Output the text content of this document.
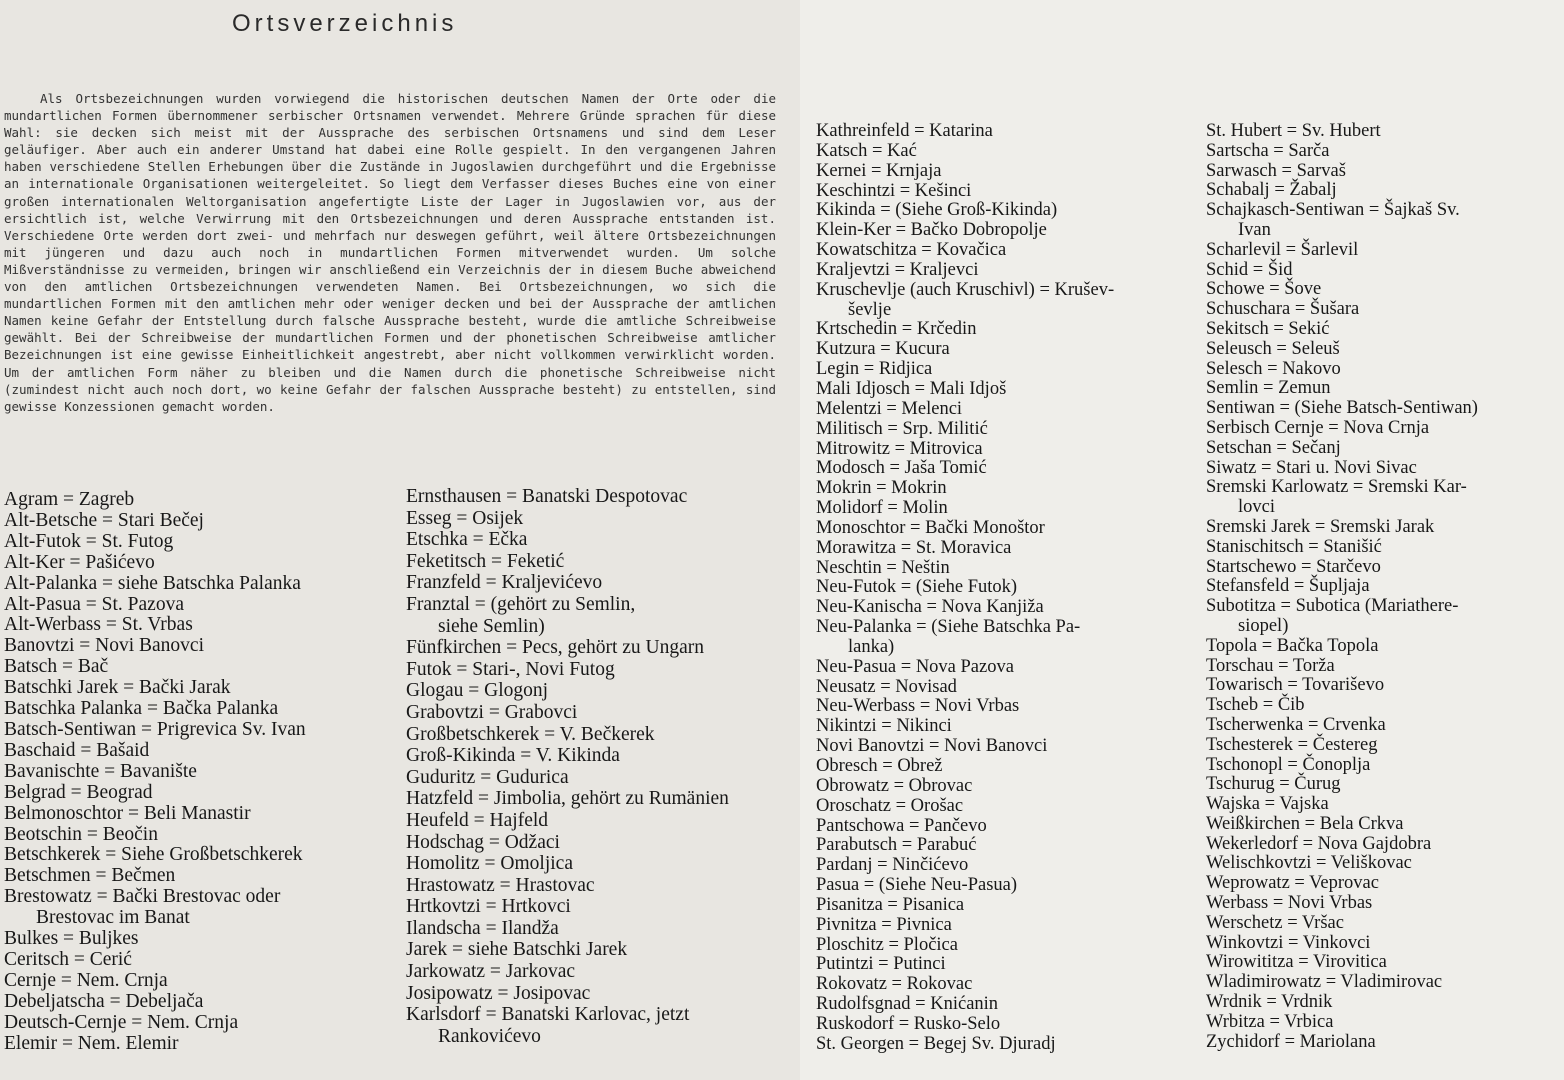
Ortsverzeichnis

Als Ortsbezeichnungen wurden vorwiegend die historischen deutschen Namen der Orte oder die mundartlichen Formen übernommener serbischer Ortsnamen verwendet. Mehrere Gründe sprachen für diese Wahl: sie decken sich meist mit der Aussprache des serbischen Ortsnamens und sind dem Leser geläufiger. Aber auch ein anderer Umstand hat dabei eine Rolle gespielt. In den vergangenen Jahren haben verschiedene Stellen Erhebungen über die Zustände in Jugoslawien durchgeführt und die Ergebnisse an internationale Organisationen weitergeleitet. So liegt dem Verfasser dieses Buches eine von einer großen internationalen Weltorganisation angefertigte Liste der Lager in Jugoslawien vor, aus der ersichtlich ist, welche Verwirrung mit den Ortsbezeichnungen und deren Aussprache entstanden ist. Verschiedene Orte werden dort zwei- und mehrfach nur deswegen geführt, weil ältere Ortsbezeichnungen mit jüngeren und dazu auch noch in mundartlichen Formen mitverwendet wurden. Um solche Mißverständnisse zu vermeiden, bringen wir anschließend ein Verzeichnis der in diesem Buche abweichend von den amtlichen Ortsbezeichnungen verwendeten Namen. Bei Ortsbezeichnungen, wo sich die mundartlichen Formen mit den amtlichen mehr oder weniger decken und bei der Aussprache der amtlichen Namen keine Gefahr der Entstellung durch falsche Aussprache besteht, wurde die amtliche Schreibweise gewählt. Bei der Schreibweise der mundartlichen Formen und der phonetischen Schreibweise amtlicher Bezeichnungen ist eine gewisse Einheitlichkeit angestrebt, aber nicht vollkommen verwirklicht worden. Um der amtlichen Form näher zu bleiben und die Namen durch die phonetische Schreibweise nicht (zumindest nicht auch noch dort, wo keine Gefahr der falschen Aussprache besteht) zu entstellen, sind gewisse Konzessionen gemacht worden.

Agram = Zagreb
Alt-Betsche = Stari Bečej
Alt-Futok = St. Futog
Alt-Ker = Pašićevo
Alt-Palanka = siehe Batschka Palanka
Alt-Pasua = St. Pazova
Alt-Werbass = St. Vrbas
Banovtzi = Novi Banovci
Batsch = Bač
Batschki Jarek = Bački Jarak
Batschka Palanka = Bačka Palanka
Batsch-Sentiwan = Prigrevica Sv. Ivan
Baschaid = Bašaid
Bavanischte = Bavanište
Belgrad = Beograd
Belmonoschtor = Beli Manastir
Beotschin = Beočin
Betschkerek = Siehe Großbetschkerek
Betschmen = Bečmen
Brestowatz = Bački Brestovac oder
Brestovac im Banat
Bulkes = Buljkes
Ceritsch = Cerić
Cernje = Nem. Crnja
Debeljatscha = Debeljača
Deutsch-Cernje = Nem. Crnja
Elemir = Nem. Elemir
Ernsthausen = Banatski Despotovac
Esseg = Osijek
Etschka = Ečka
Feketitsch = Feketić
Franzfeld = Kraljevićevo
Franztal = (gehört zu Semlin,
siehe Semlin)
Fünfkirchen = Pecs, gehört zu Ungarn
Futok = Stari-, Novi Futog
Glogau = Glogonj
Grabovtzi = Grabovci
Großbetschkerek = V. Bečkerek
Groß-Kikinda = V. Kikinda
Guduritz = Gudurica
Hatzfeld = Jimbolia, gehört zu Rumänien
Heufeld = Hajfeld
Hodschag = Odžaci
Homolitz = Omoljica
Hrastowatz = Hrastovac
Hrtkovtzi = Hrtkovci
Ilandscha = Ilandža
Jarek = siehe Batschki Jarek
Jarkowatz = Jarkovac
Josipowatz = Josipovac
Karlsdorf = Banatski Karlovac, jetzt
Rankovićevo
Kathreinfeld = Katarina
Katsch = Kać
Kernei = Krnjaja
Keschintzi = Kešinci
Kikinda = (Siehe Groß-Kikinda)
Klein-Ker = Bačko Dobropolje
Kowatschitza = Kovačica
Kraljevtzi = Kraljevci
Kruschevlje (auch Kruschivl) = Krušev-
ševlje
Krtschedin = Krčedin
Kutzura = Kucura
Legin = Ridjica
Mali Idjosch = Mali Idjoš
Melentzi = Melenci
Militisch = Srp. Militić
Mitrowitz = Mitrovica
Modosch = Jaša Tomić
Mokrin = Mokrin
Molidorf = Molin
Monoschtor = Bački Monoštor
Morawitza = St. Moravica
Neschtin = Neštin
Neu-Futok = (Siehe Futok)
Neu-Kanischa = Nova Kanjiža
Neu-Palanka = (Siehe Batschka Pa-
lanka)
Neu-Pasua = Nova Pazova
Neusatz = Novisad
Neu-Werbass = Novi Vrbas
Nikintzi = Nikinci
Novi Banovtzi = Novi Banovci
Obresch = Obrež
Obrowatz = Obrovac
Oroschatz = Orošac
Pantschowa = Pančevo
Parabutsch = Parabuć
Pardanj = Ninčićevo
Pasua = (Siehe Neu-Pasua)
Pisanitza = Pisanica
Pivnitza = Pivnica
Ploschitz = Pločica
Putintzi = Putinci
Rokovatz = Rokovac
Rudolfsgnad = Knićanin
Ruskodorf = Rusko-Selo
St. Georgen = Begej Sv. Djuradj
St. Hubert = Sv. Hubert
Sartscha = Sarča
Sarwasch = Sarvaš
Schabalj = Žabalj
Schajkasch-Sentiwan = Šajkaš Sv.
Ivan
Scharlevil = Šarlevil
Schid = Šid
Schowe = Šove
Schuschara = Šušara
Sekitsch = Sekić
Seleusch = Seleuš
Selesch = Nakovo
Semlin = Zemun
Sentiwan = (Siehe Batsch-Sentiwan)
Serbisch Cernje = Nova Crnja
Setschan = Sečanj
Siwatz = Stari u. Novi Sivac
Sremski Karlowatz = Sremski Kar-
lovci
Sremski Jarek = Sremski Jarak
Stanischitsch = Stanišić
Startschewo = Starčevo
Stefansfeld = Šupljaja
Subotitza = Subotica (Mariathere-
siopel)
Topola = Bačka Topola
Torschau = Torža
Towarisch = Tovariševo
Tscheb = Čib
Tscherwenka = Crvenka
Tschesterek = Čestereg
Tschonopl = Čonoplja
Tschurug = Čurug
Wajska = Vajska
Weißkirchen = Bela Crkva
Wekerledorf = Nova Gajdobra
Welischkovtzi = Veliškovac
Weprowatz = Veprovac
Werbass = Novi Vrbas
Werschetz = Vršac
Winkovtzi = Vinkovci
Wirowititza = Virovitica
Wladimirowatz = Vladimirovac
Wrdnik = Vrdnik
Wrbitza = Vrbica
Zychidorf = Mariolana
